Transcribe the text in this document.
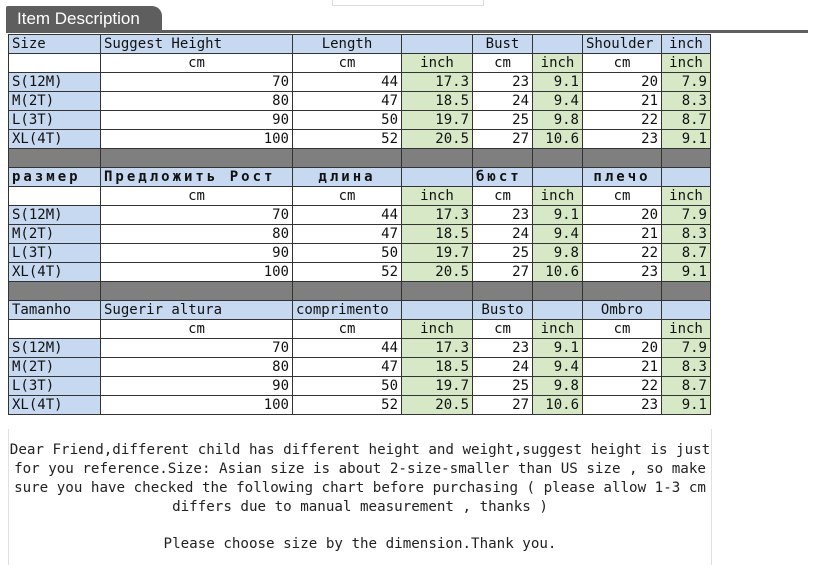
Item Description
Size	Suggest Height	Length		Bust		Shoulder	inch
	cm	cm	inch	cm	inch	cm	inch
S(12M)	70	44	17.3	23	9.1	20	7.9
M(2T)	80	47	18.5	24	9.4	21	8.3
L(3T)	90	50	19.7	25	9.8	22	8.7
XL(4T)	100	52	20.5	27	10.6	23	9.1

размер	Предложить Рост	длина		бюст		плечо	
	cm	cm	inch	cm	inch	cm	inch
S(12M)	70	44	17.3	23	9.1	20	7.9
M(2T)	80	47	18.5	24	9.4	21	8.3
L(3T)	90	50	19.7	25	9.8	22	8.7
XL(4T)	100	52	20.5	27	10.6	23	9.1

Tamanho	Sugerir altura	comprimento		Busto		Ombro	
	cm	cm	inch	cm	inch	cm	inch
S(12M)	70	44	17.3	23	9.1	20	7.9
M(2T)	80	47	18.5	24	9.4	21	8.3
L(3T)	90	50	19.7	25	9.8	22	8.7
XL(4T)	100	52	20.5	27	10.6	23	9.1

Dear Friend,different child has different height and weight,suggest height is just for you reference.Size: Asian size is about 2-size-smaller than US size , so make sure you have checked the following chart before purchasing ( please allow 1-3 cm differs due to manual measurement , thanks )

Please choose size by the dimension.Thank you.
